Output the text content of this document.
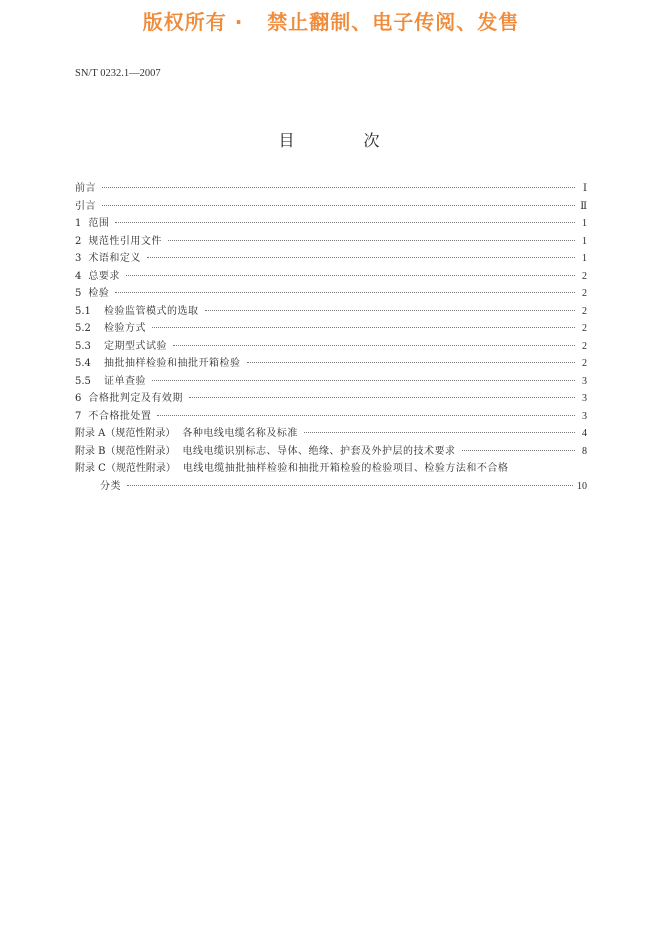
版权所有 ·   禁止翻制、电子传阅、发售
SN/T 0232.1—2007
目 次
前言	Ⅰ
引言	Ⅱ
1 范围	1
2 规范性引用文件	1
3 术语和定义	1
4 总要求	2
5 检验	2
5.1	检验监管模式的选取	2
5.2	检验方式	2
5.3	定期型式试验	2
5.4	抽批抽样检验和抽批开箱检验	2
5.5	证单查验	3
6 合格批判定及有效期	3
7 不合格批处置	3
附录 A（规范性附录） 各种电线电缆名称及标准	4
附录 B（规范性附录） 电线电缆识别标志、导体、绝缘、护套及外护层的技术要求	8
附录 C（规范性附录） 电线电缆抽批抽样检验和抽批开箱检验的检验项目、检验方法和不合格
分类	10
